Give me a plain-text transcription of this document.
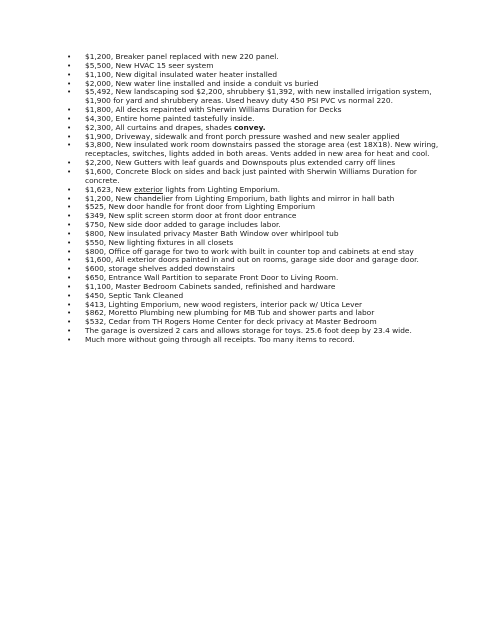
• $1,200, Breaker panel replaced with new 220 panel.
• $5,500, New HVAC 15 seer system
• $1,100, New digital insulated water heater installed
• $2,000, New water line installed and inside a conduit vs buried
• $5,492, New landscaping sod $2,200, shrubbery $1,392, with new installed irrigation system, $1,900 for yard and shrubbery areas. Used heavy duty 450 PSI PVC vs normal 220.
• $1,800, All decks repainted with Sherwin Williams Duration for Decks
• $4,300, Entire home painted tastefully inside.
• $2,300, All curtains and drapes, shades convey.
• $1,900, Driveway, sidewalk and front porch pressure washed and new sealer applied
• $3,800, New insulated work room downstairs passed the storage area (est 18X18). New wiring, receptacles, switches, lights added in both areas. Vents added in new area for heat and cool.
• $2,200, New Gutters with leaf guards and Downspouts plus extended carry off lines
• $1,600, Concrete Block on sides and back just painted with Sherwin Williams Duration for concrete.
• $1,623, New exterior lights from Lighting Emporium.
• $1,200, New chandelier from Lighting Emporium, bath lights and mirror in hall bath
• $525, New door handle for front door from Lighting Emporium
• $349, New split screen storm door at front door entrance
• $750, New side door added to garage includes labor.
• $800, New insulated privacy Master Bath Window over whirlpool tub
• $550, New lighting fixtures in all closets
• $800, Office off garage for two to work with built in counter top and cabinets at end stay
• $1,600, All exterior doors painted in and out on rooms, garage side door and garage door.
• $600, storage shelves added downstairs
• $650, Entrance Wall Partition to separate Front Door to Living Room.
• $1,100, Master Bedroom Cabinets sanded, refinished and hardware
• $450, Septic Tank Cleaned
• $413, Lighting Emporium, new wood registers, interior pack w/ Utica Lever
• $862, Moretto Plumbing new plumbing for MB Tub and shower parts and labor
• $532, Cedar from TH Rogers Home Center for deck privacy at Master Bedroom
• The garage is oversized 2 cars and allows storage for toys. 25.6 foot deep by 23.4 wide.
• Much more without going through all receipts. Too many items to record.
